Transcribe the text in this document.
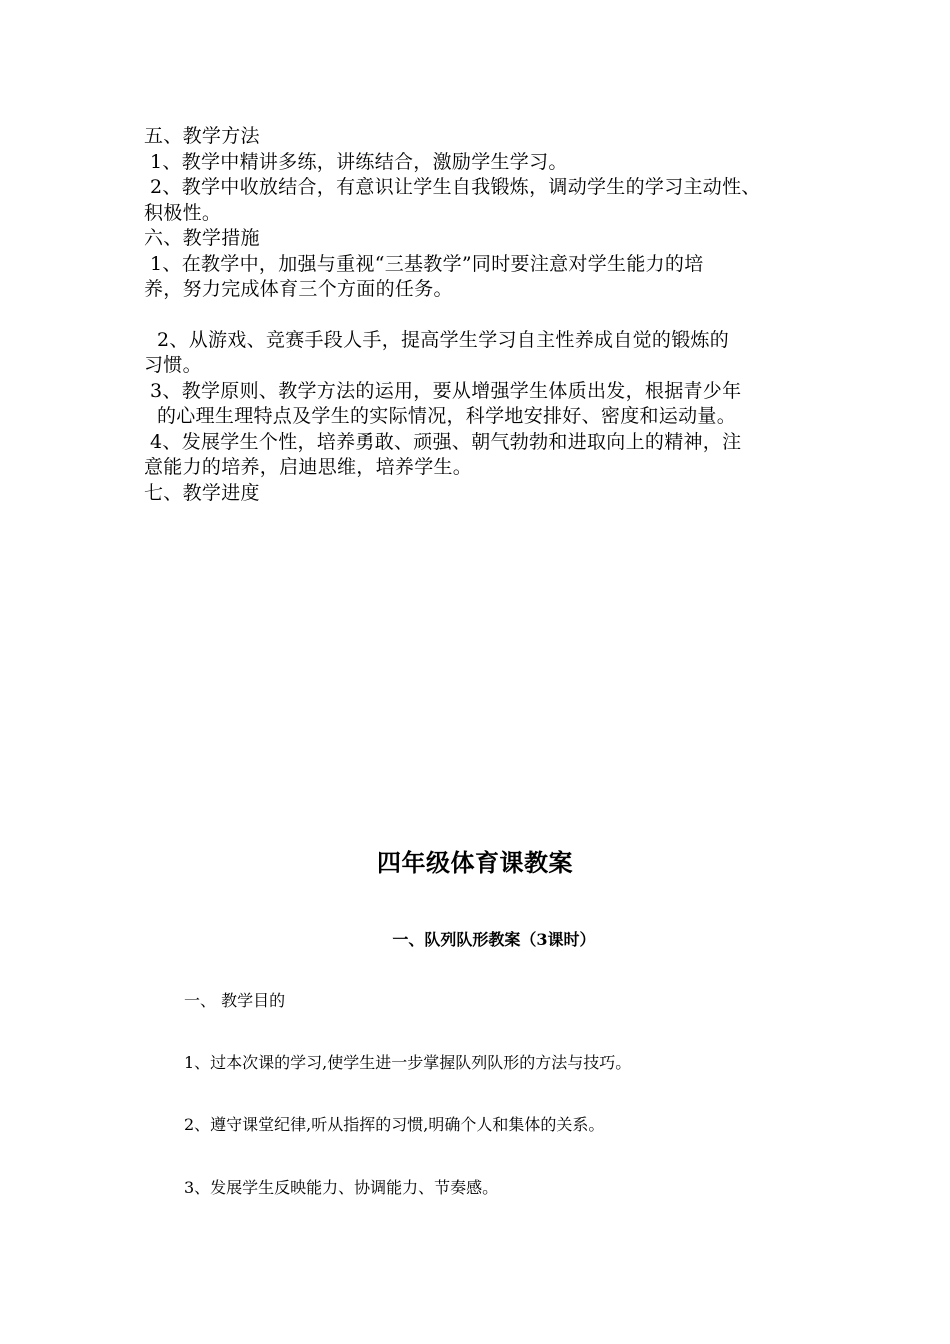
五、教学方法
1、教学中精讲多练，讲练结合，激励学生学习。
2、教学中收放结合，有意识让学生自我锻炼，调动学生的学习主动性、
积极性。
六、教学措施
1、在教学中，加强与重视“三基教学”同时要注意对学生能力的培
养，努力完成体育三个方面的任务。
2、从游戏、竞赛手段人手，提高学生学习自主性养成自觉的锻炼的
习惯。
3、教学原则、教学方法的运用，要从增强学生体质出发，根据青少年
的心理生理特点及学生的实际情况，科学地安排好、密度和运动量。
4、发展学生个性，培养勇敢、顽强、朝气勃勃和进取向上的精神，注
意能力的培养，启迪思维，培养学生。
七、教学进度
四年级体育课教案
一、队列队形教案（3课时）
一、 教学目的
1、过本次课的学习,使学生进一步掌握队列队形的方法与技巧。
2、遵守课堂纪律,听从指挥的习惯,明确个人和集体的关系。
3、发展学生反映能力、协调能力、节奏感。
